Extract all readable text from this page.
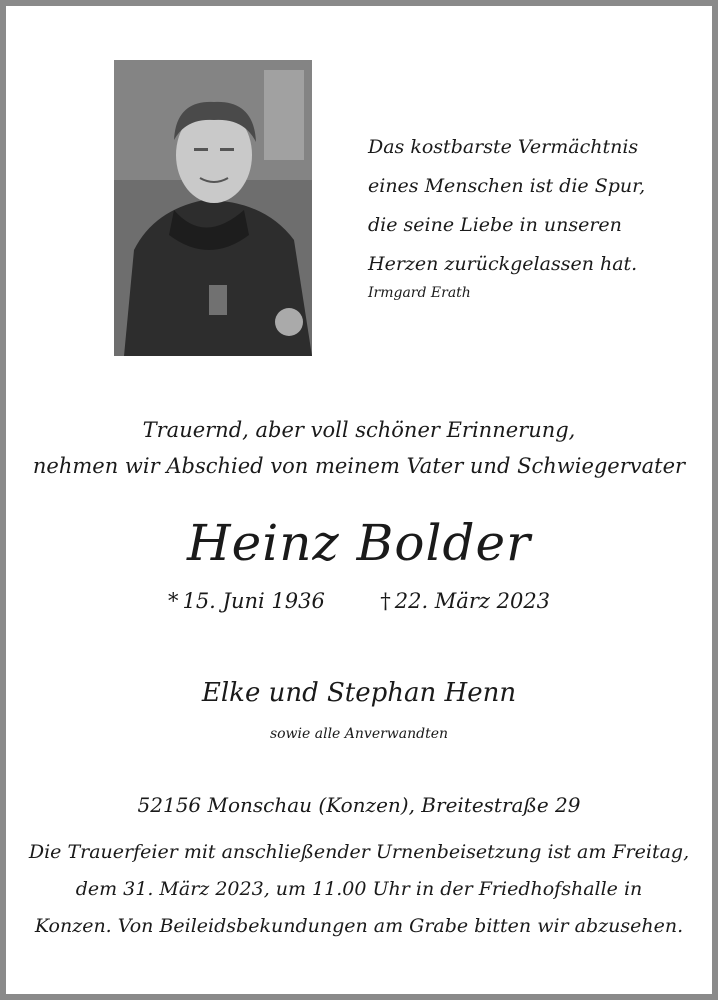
Das kostbarste Vermächtnis
eines Menschen ist die Spur,
die seine Liebe in unseren
Herzen zurückgelassen hat.
Irmgard Erath
Trauernd, aber voll schöner Erinnerung,
nehmen wir Abschied von meinem Vater und Schwiegervater
Heinz Bolder
* 15. Juni 1936	† 22. März 2023
Elke und Stephan Henn
sowie alle Anverwandten
52156 Monschau (Konzen), Breitestraße 29
Die Trauerfeier mit anschließender Urnenbeisetzung ist am Freitag,
dem 31. März 2023, um 11.00 Uhr in der Friedhofshalle in
Konzen. Von Beileidsbekundungen am Grabe bitten wir abzusehen.
